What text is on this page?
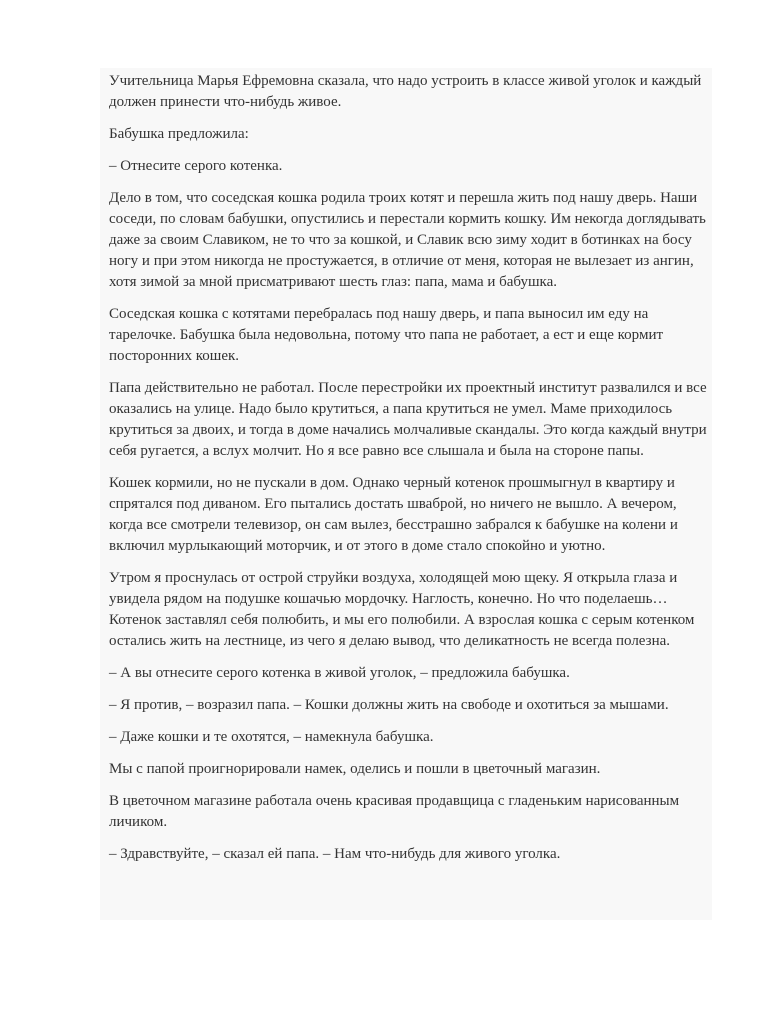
Учительница Марья Ефремовна сказала, что надо устроить в классе живой уголок и каждый должен принести что-нибудь живое.

Бабушка предложила:

– Отнесите серого котенка.

Дело в том, что соседская кошка родила троих котят и перешла жить под нашу дверь. Наши соседи, по словам бабушки, опустились и перестали кормить кошку. Им некогда доглядывать даже за своим Славиком, не то что за кошкой, и Славик всю зиму ходит в ботинках на босу ногу и при этом никогда не простужается, в отличие от меня, которая не вылезает из ангин, хотя зимой за мной присматривают шесть глаз: папа, мама и бабушка.

Соседская кошка с котятами перебралась под нашу дверь, и папа выносил им еду на тарелочке. Бабушка была недовольна, потому что папа не работает, а ест и еще кормит посторонних кошек.

Папа действительно не работал. После перестройки их проектный институт развалился и все оказались на улице. Надо было крутиться, а папа крутиться не умел. Маме приходилось крутиться за двоих, и тогда в доме начались молчаливые скандалы. Это когда каждый внутри себя ругается, а вслух молчит. Но я все равно все слышала и была на стороне папы.

Кошек кормили, но не пускали в дом. Однако черный котенок прошмыгнул в квартиру и спрятался под диваном. Его пытались достать шваброй, но ничего не вышло. А вечером, когда все смотрели телевизор, он сам вылез, бесстрашно забрался к бабушке на колени и включил мурлыкающий моторчик, и от этого в доме стало спокойно и уютно.

Утром я проснулась от острой струйки воздуха, холодящей мою щеку. Я открыла глаза и увидела рядом на подушке кошачью мордочку. Наглость, конечно. Но что поделаешь… Котенок заставлял себя полюбить, и мы его полюбили. А взрослая кошка с серым котенком остались жить на лестнице, из чего я делаю вывод, что деликатность не всегда полезна.

– А вы отнесите серого котенка в живой уголок, – предложила бабушка.

– Я против, – возразил папа. – Кошки должны жить на свободе и охотиться за мышами.

– Даже кошки и те охотятся, – намекнула бабушка.

Мы с папой проигнорировали намек, оделись и пошли в цветочный магазин.

В цветочном магазине работала очень красивая продавщица с гладеньким нарисованным личиком.

– Здравствуйте, – сказал ей папа. – Нам что-нибудь для живого уголка.
